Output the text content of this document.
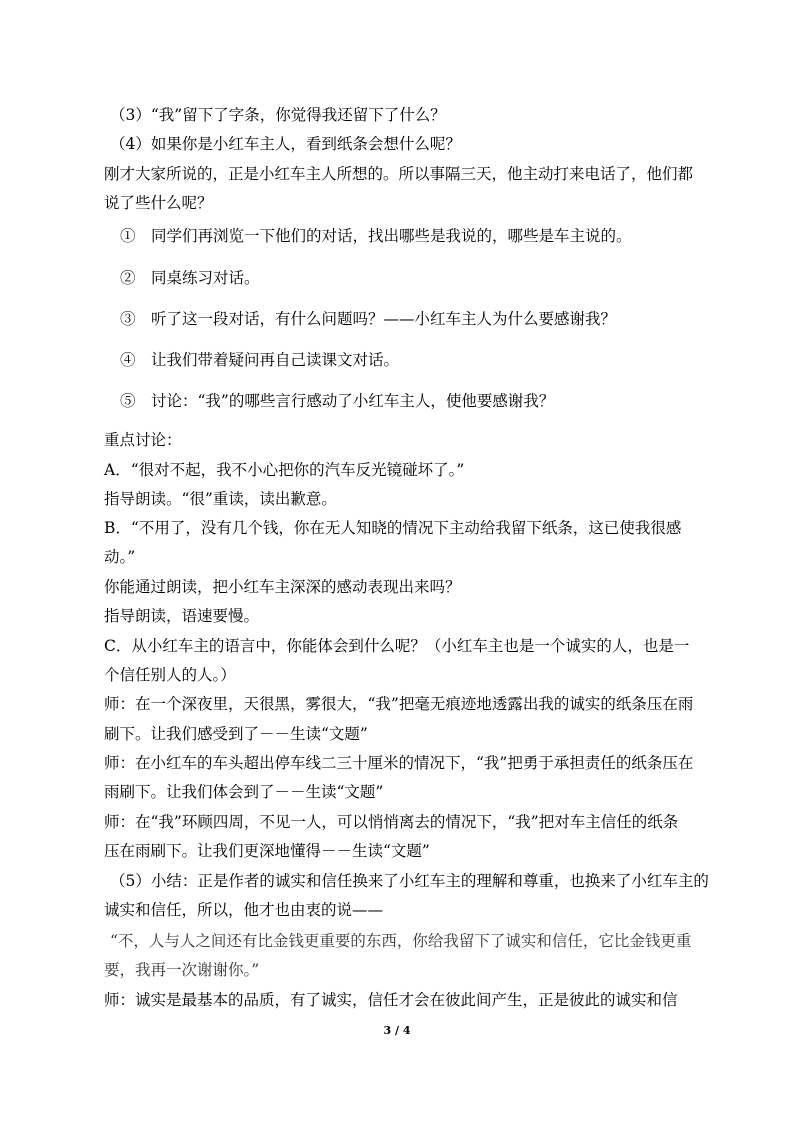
（3）“我”留下了字条，你觉得我还留下了什么？
（4）如果你是小红车主人，看到纸条会想什么呢？
刚才大家所说的，正是小红车主人所想的。所以事隔三天，他主动打来电话了，他们都
说了些什么呢？
①　同学们再浏览一下他们的对话，找出哪些是我说的，哪些是车主说的。
②　同桌练习对话。
③　听了这一段对话，有什么问题吗？——小红车主人为什么要感谢我？
④　让我们带着疑问再自己读课文对话。
⑤　讨论：“我”的哪些言行感动了小红车主人，使他要感谢我？
重点讨论：
A．“很对不起，我不小心把你的汽车反光镜碰坏了。”
指导朗读。“很”重读，读出歉意。
B．“不用了，没有几个钱，你在无人知晓的情况下主动给我留下纸条，这已使我很感
动。”
你能通过朗读，把小红车主深深的感动表现出来吗？
指导朗读，语速要慢。
C．从小红车主的语言中，你能体会到什么呢？（小红车主也是一个诚实的人，也是一
个信任别人的人。）
师：在一个深夜里，天很黑，雾很大，“我”把毫无痕迹地透露出我的诚实的纸条压在雨
刷下。让我们感受到了－－生读“文题”
师：在小红车的车头超出停车线二三十厘米的情况下，“我”把勇于承担责任的纸条压在
雨刷下。让我们体会到了－－生读“文题”
师：在“我”环顾四周，不见一人，可以悄悄离去的情况下，“我”把对车主信任的纸条
压在雨刷下。让我们更深地懂得－－生读“文题”
（5）小结：正是作者的诚实和信任换来了小红车主的理解和尊重，也换来了小红车主的
诚实和信任，所以，他才也由衷的说——
“不，人与人之间还有比金钱更重要的东西，你给我留下了诚实和信任，它比金钱更重
要，我再一次谢谢你。”
师：诚实是最基本的品质，有了诚实，信任才会在彼此间产生，正是彼此的诚实和信
3 / 4
